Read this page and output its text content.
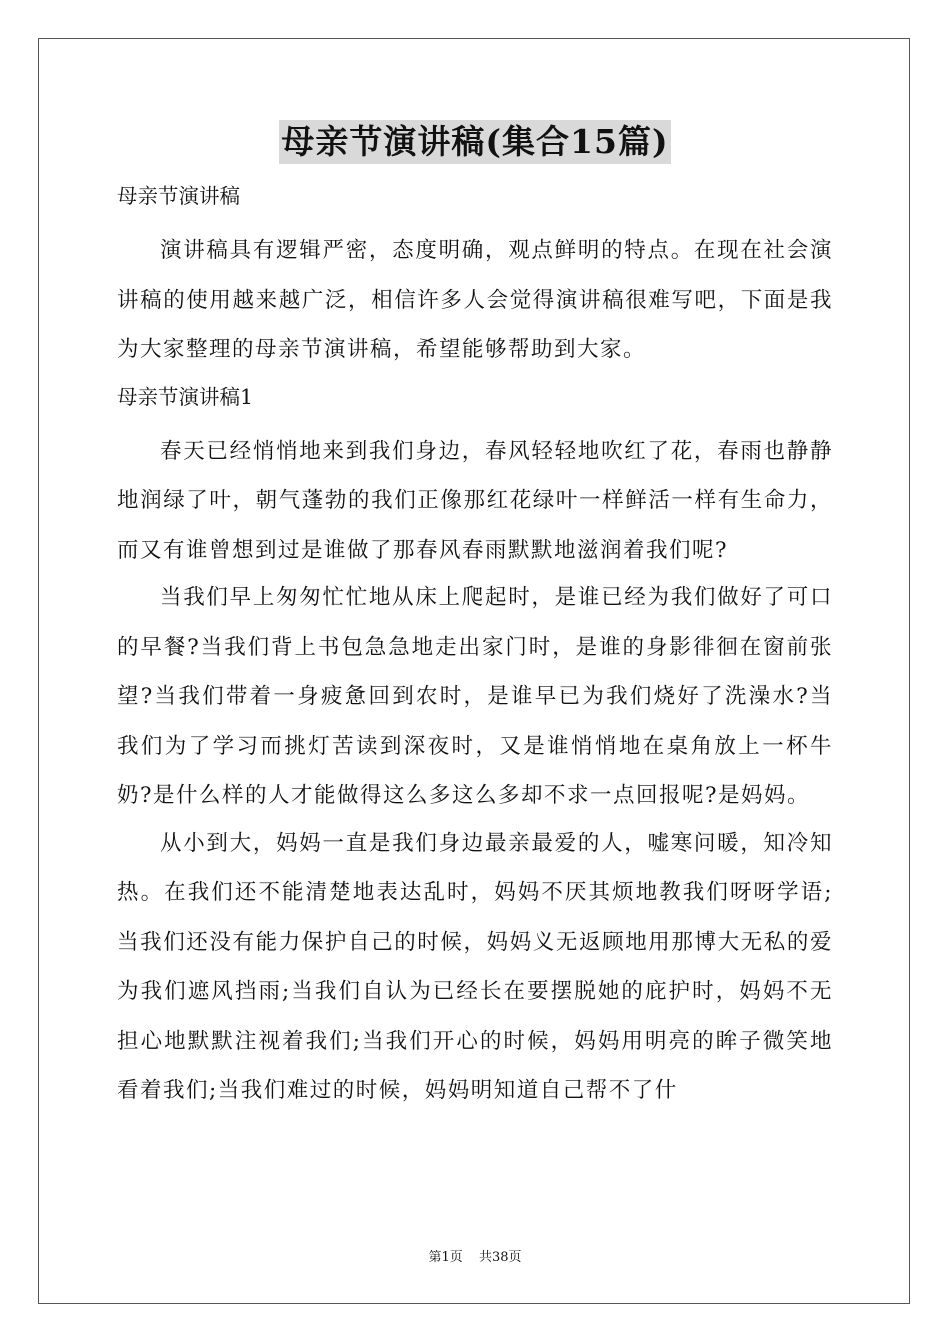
母亲节演讲稿(集合15篇)
母亲节演讲稿

演讲稿具有逻辑严密，态度明确，观点鲜明的特点。在现在社会演讲稿的使用越来越广泛，相信许多人会觉得演讲稿很难写吧，下面是我为大家整理的母亲节演讲稿，希望能够帮助到大家。

母亲节演讲稿1

春天已经悄悄地来到我们身边，春风轻轻地吹红了花，春雨也静静地润绿了叶，朝气蓬勃的我们正像那红花绿叶一样鲜活一样有生命力，而又有谁曾想到过是谁做了那春风春雨默默地滋润着我们呢?

当我们早上匆匆忙忙地从床上爬起时，是谁已经为我们做好了可口的早餐?当我们背上书包急急地走出家门时，是谁的身影徘徊在窗前张望?当我们带着一身疲惫回到农时，是谁早已为我们烧好了洗澡水?当我们为了学习而挑灯苦读到深夜时，又是谁悄悄地在桌角放上一杯牛奶?是什么样的人才能做得这么多这么多却不求一点回报呢?是妈妈。

从小到大，妈妈一直是我们身边最亲最爱的人，嘘寒问暖，知冷知热。在我们还不能清楚地表达乱时，妈妈不厌其烦地教我们呀呀学语;当我们还没有能力保护自己的时候，妈妈义无返顾地用那博大无私的爱为我们遮风挡雨;当我们自认为已经长在要摆脱她的庇护时，妈妈不无担心地默默注视着我们;当我们开心的时候，妈妈用明亮的眸子微笑地看着我们;当我们难过的时候，妈妈明知道自己帮不了什

第1页 共38页
